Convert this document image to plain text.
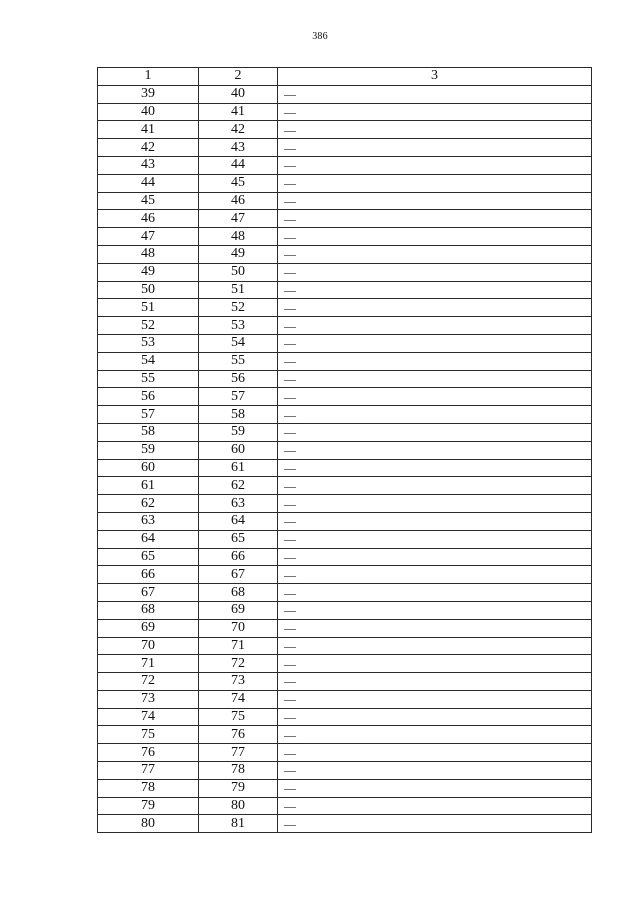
386
1	2	3
39	40	—
40	41	—
41	42	—
42	43	—
43	44	—
44	45	—
45	46	—
46	47	—
47	48	—
48	49	—
49	50	—
50	51	—
51	52	—
52	53	—
53	54	—
54	55	—
55	56	—
56	57	—
57	58	—
58	59	—
59	60	—
60	61	—
61	62	—
62	63	—
63	64	—
64	65	—
65	66	—
66	67	—
67	68	—
68	69	—
69	70	—
70	71	—
71	72	—
72	73	—
73	74	—
74	75	—
75	76	—
76	77	—
77	78	—
78	79	—
79	80	—
80	81	—
